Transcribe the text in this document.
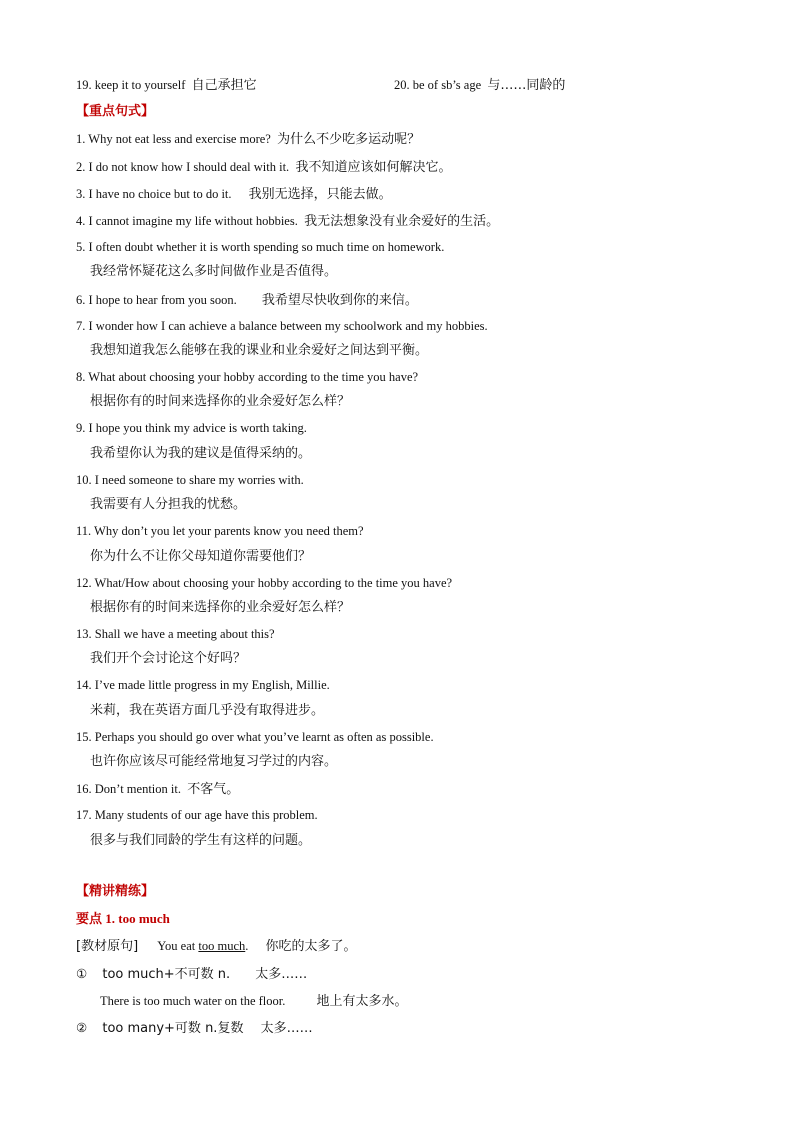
19. keep it to yourself 自己承担它	20. be of sb’s age 与……同龄的
【重点句式】
1. Why not eat less and exercise more? 为什么不少吃多运动呢？
2. I do not know how I should deal with it. 我不知道应该如何解决它。
3. I have no choice but to do it. 我别无选择，只能去做。
4. I cannot imagine my life without hobbies. 我无法想象没有业余爱好的生活。
5. I often doubt whether it is worth spending so much time on homework.
我经常怀疑花这么多时间做作业是否值得。
6. I hope to hear from you soon. 我希望尽快收到你的来信。
7. I wonder how I can achieve a balance between my schoolwork and my hobbies.
我想知道我怎么能够在我的课业和业余爱好之间达到平衡。
8. What about choosing your hobby according to the time you have?
根据你有的时间来选择你的业余爱好怎么样？
9. I hope you think my advice is worth taking.
我希望你认为我的建议是值得采纳的。
10. I need someone to share my worries with.
我需要有人分担我的忧愁。
11. Why don’t you let your parents know you need them?
你为什么不让你父母知道你需要他们？
12. What/How about choosing your hobby according to the time you have?
根据你有的时间来选择你的业余爱好怎么样？
13. Shall we have a meeting about this?
我们开个会讨论这个好吗？
14. I’ve made little progress in my English, Millie.
米莉，我在英语方面几乎没有取得进步。
15. Perhaps you should go over what you’ve learnt as often as possible.
也许你应该尽可能经常地复习学过的内容。
16. Don’t mention it. 不客气。
17. Many students of our age have this problem.
很多与我们同龄的学生有这样的问题。
【精讲精练】
要点 1. too much
[教材原句] You eat too much. 你吃的太多了。
① too much+不可数 n. 太多……
There is too much water on the floor. 地上有太多水。
② too many+可数 n.复数 太多……
